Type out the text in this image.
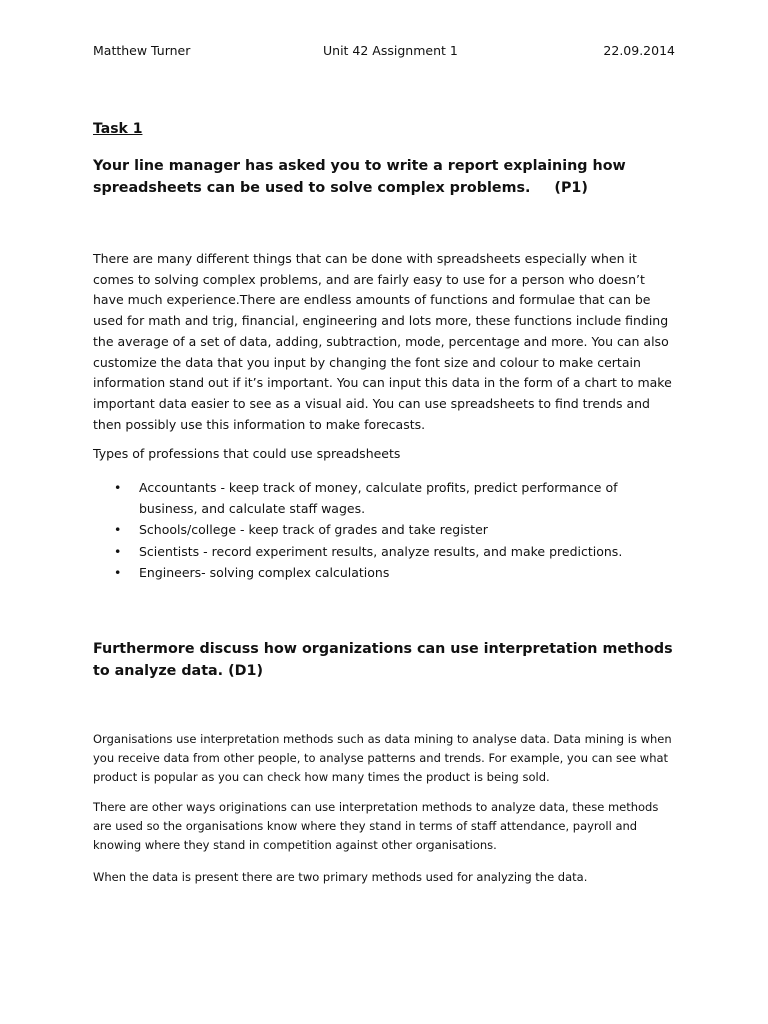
Matthew Turner	Unit 42 Assignment 1	22.09.2014
Task 1

Your line manager has asked you to write a report explaining how spreadsheets can be used to solve complex problems. (P1)

There are many different things that can be done with spreadsheets especially when it comes to solving complex problems, and are fairly easy to use for a person who doesn’t have much experience.There are endless amounts of functions and formulae that can be used for math and trig, financial, engineering and lots more, these functions include finding the average of a set of data, adding, subtraction, mode, percentage and more. You can also customize the data that you input by changing the font size and colour to make certain information stand out if it’s important. You can input this data in the form of a chart to make important data easier to see as a visual aid. You can use spreadsheets to find trends and then possibly use this information to make forecasts.

Types of professions that could use spreadsheets

• Accountants - keep track of money, calculate profits, predict performance of business, and calculate staff wages.
• Schools/college - keep track of grades and take register
• Scientists - record experiment results, analyze results, and make predictions.
• Engineers- solving complex calculations

Furthermore discuss how organizations can use interpretation methods to analyze data. (D1)

Organisations use interpretation methods such as data mining to analyse data. Data mining is when you receive data from other people, to analyse patterns and trends. For example, you can see what product is popular as you can check how many times the product is being sold.

There are other ways originations can use interpretation methods to analyze data, these methods are used so the organisations know where they stand in terms of staff attendance, payroll and knowing where they stand in competition against other organisations.

When the data is present there are two primary methods used for analyzing the data.
